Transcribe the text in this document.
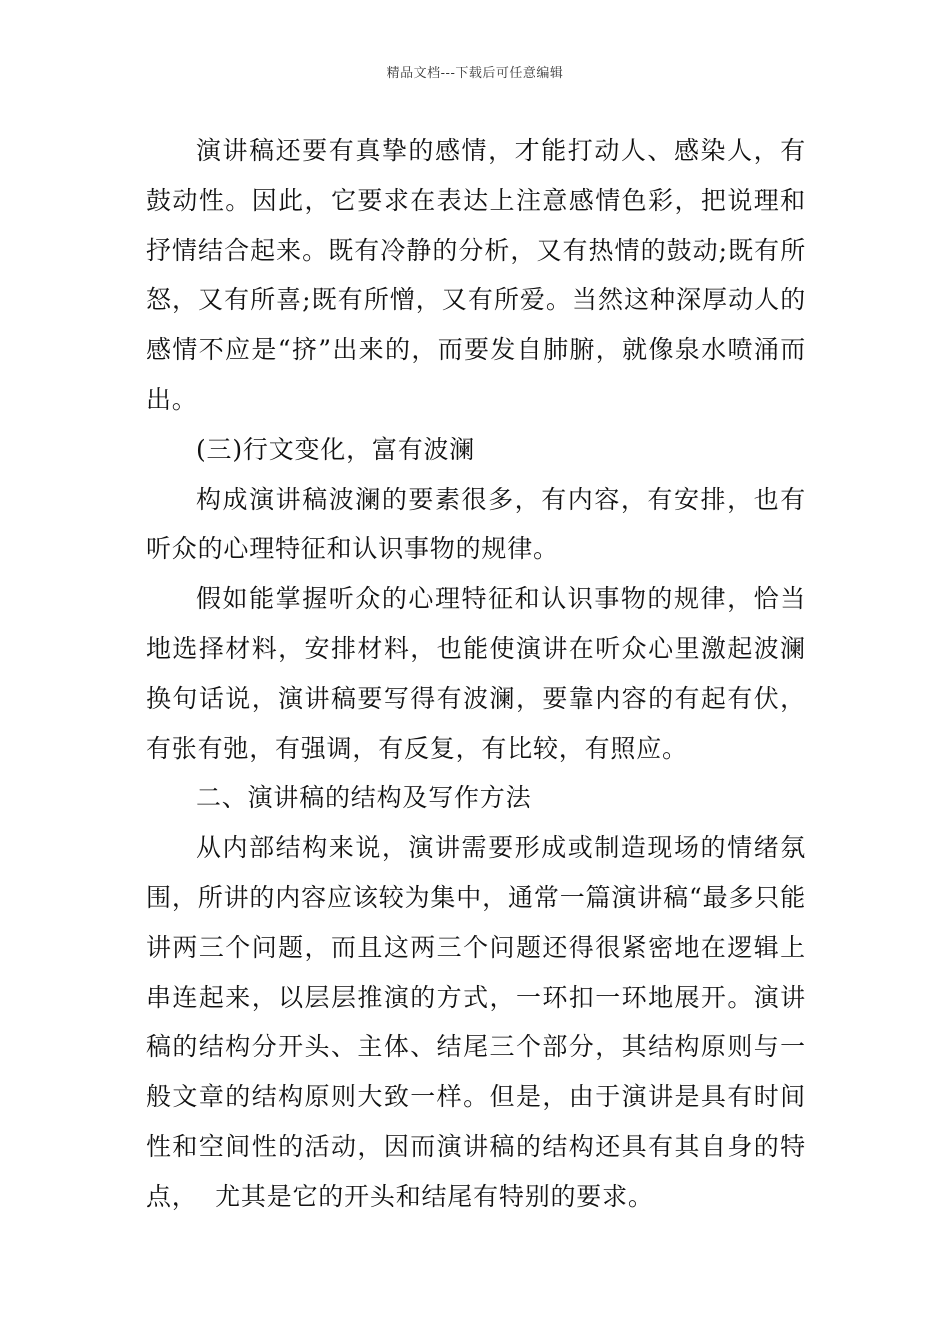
精品文档---下载后可任意编辑

演讲稿还要有真挚的感情，才能打动人、感染人，有鼓动性。因此，它要求在表达上注意感情色彩，把说理和抒情结合起来。既有冷静的分析，又有热情的鼓动;既有所怒，又有所喜;既有所憎，又有所爱。当然这种深厚动人的感情不应是“挤”出来的，而要发自肺腑，就像泉水喷涌而出。

(三)行文变化，富有波澜

构成演讲稿波澜的要素很多，有内容，有安排，也有听众的心理特征和认识事物的规律。

假如能掌握听众的心理特征和认识事物的规律，恰当地选择材料，安排材料，也能使演讲在听众心里激起波澜换句话说，演讲稿要写得有波澜，要靠内容的有起有伏，有张有弛，有强调，有反复，有比较，有照应。

二、演讲稿的结构及写作方法

从内部结构来说，演讲需要形成或制造现场的情绪氛围，所讲的内容应该较为集中，通常一篇演讲稿“最多只能讲两三个问题，而且这两三个问题还得很紧密地在逻辑上串连起来，以层层推演的方式，一环扣一环地展开。演讲稿的结构分开头、主体、结尾三个部分，其结构原则与一般文章的结构原则大致一样。但是，由于演讲是具有时间性和空间性的活动，因而演讲稿的结构还具有其自身的特点，  尤其是它的开头和结尾有特别的要求。
